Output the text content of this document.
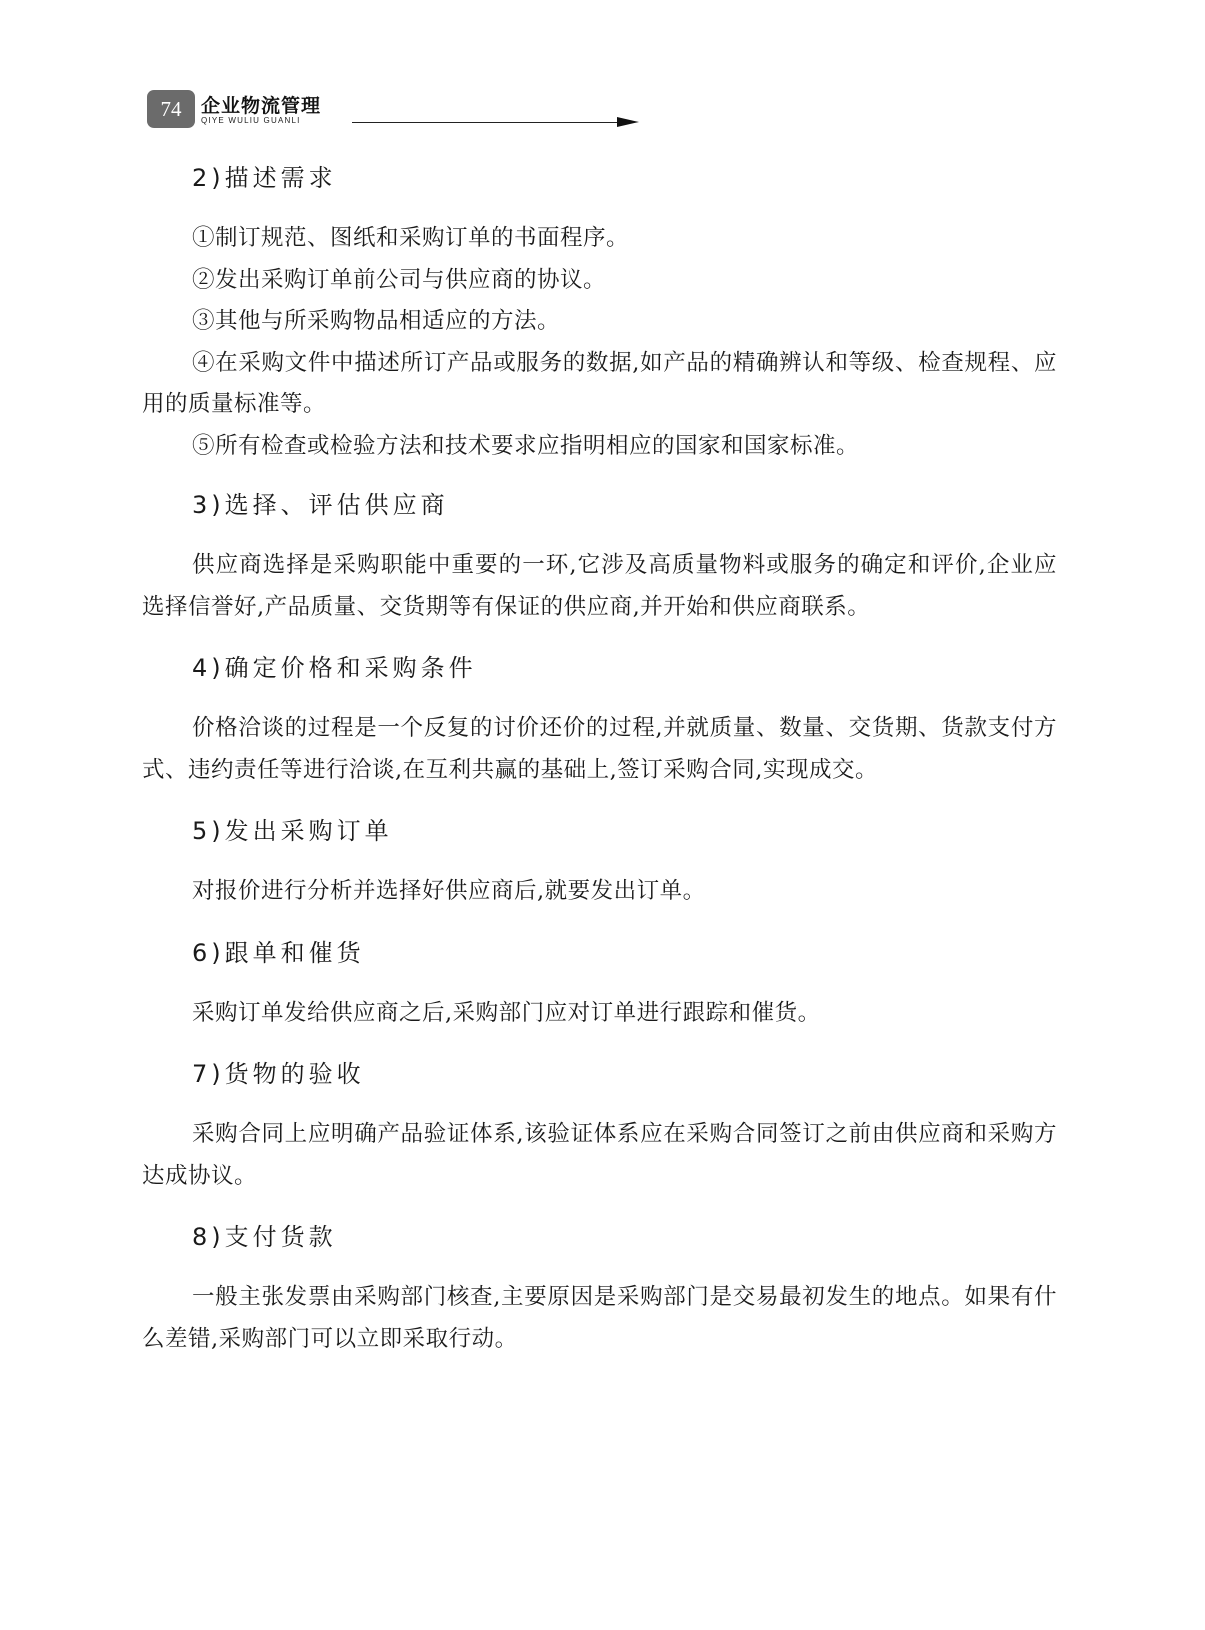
74	企业物流管理
QIYE WULIU GUANLI
2)描述需求

①制订规范、图纸和采购订单的书面程序。

②发出采购订单前公司与供应商的协议。

③其他与所采购物品相适应的方法。

④在采购文件中描述所订产品或服务的数据,如产品的精确辨认和等级、检查规程、应用的质量标准等。

⑤所有检查或检验方法和技术要求应指明相应的国家和国家标准。

3)选择、评估供应商

供应商选择是采购职能中重要的一环,它涉及高质量物料或服务的确定和评价,企业应选择信誉好,产品质量、交货期等有保证的供应商,并开始和供应商联系。

4)确定价格和采购条件

价格洽谈的过程是一个反复的讨价还价的过程,并就质量、数量、交货期、货款支付方式、违约责任等进行洽谈,在互利共赢的基础上,签订采购合同,实现成交。

5)发出采购订单

对报价进行分析并选择好供应商后,就要发出订单。

6)跟单和催货

采购订单发给供应商之后,采购部门应对订单进行跟踪和催货。

7)货物的验收

采购合同上应明确产品验证体系,该验证体系应在采购合同签订之前由供应商和采购方达成协议。

8)支付货款

一般主张发票由采购部门核查,主要原因是采购部门是交易最初发生的地点。如果有什么差错,采购部门可以立即采取行动。
